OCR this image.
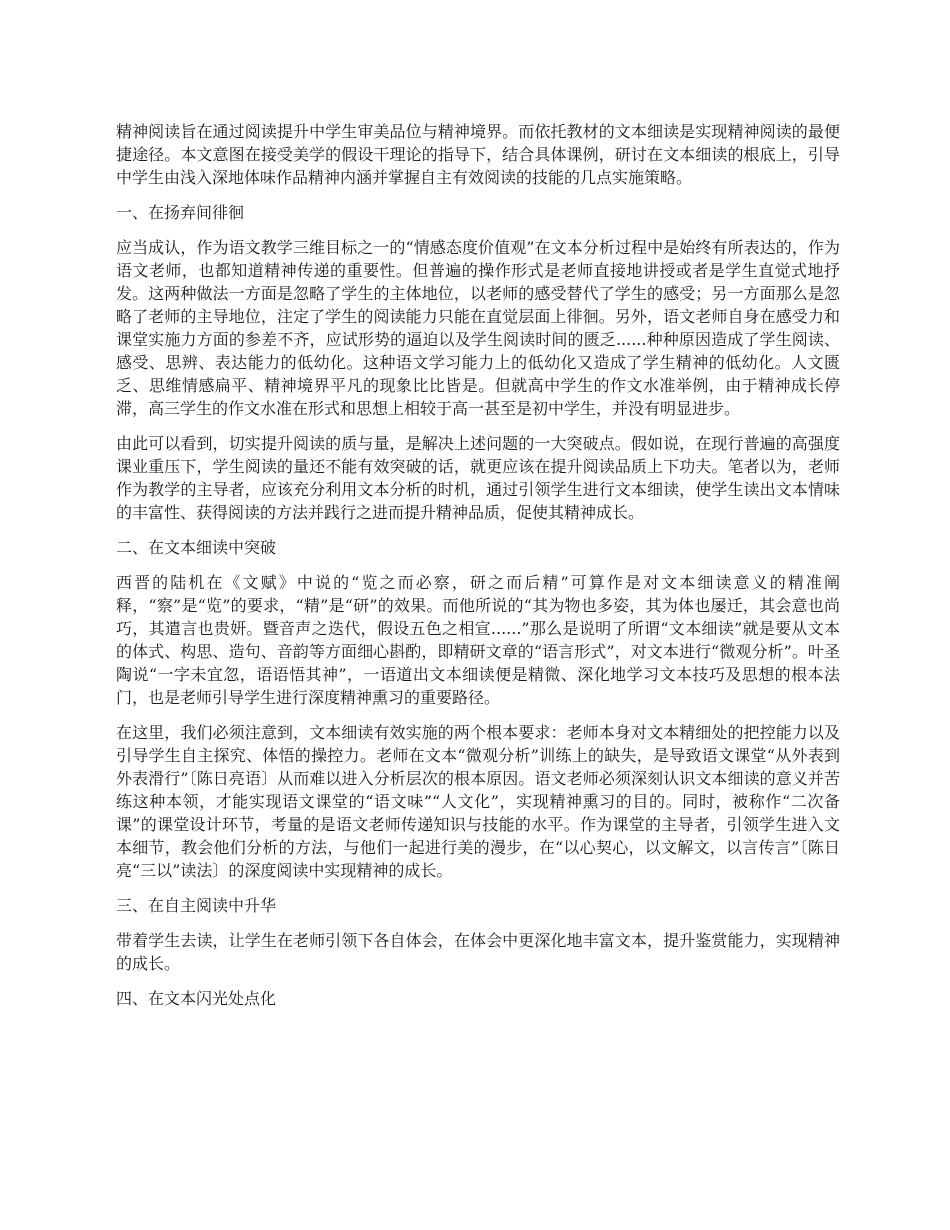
精神阅读旨在通过阅读提升中学生审美品位与精神境界。而依托教材的文本细读是实现精神阅读的最便捷途径。本文意图在接受美学的假设干理论的指导下，结合具体课例，研讨在文本细读的根底上，引导中学生由浅入深地体味作品精神内涵并掌握自主有效阅读的技能的几点实施策略。

一、在扬弃间徘徊

应当成认，作为语文教学三维目标之一的“情感态度价值观”在文本分析过程中是始终有所表达的，作为语文老师，也都知道精神传递的重要性。但普遍的操作形式是老师直接地讲授或者是学生直觉式地抒发。这两种做法一方面是忽略了学生的主体地位，以老师的感受替代了学生的感受；另一方面那么是忽略了老师的主导地位，注定了学生的阅读能力只能在直觉层面上徘徊。另外，语文老师自身在感受力和课堂实施力方面的参差不齐，应试形势的逼迫以及学生阅读时间的匮乏......种种原因造成了学生阅读、感受、思辨、表达能力的低幼化。这种语文学习能力上的低幼化又造成了学生精神的低幼化。人文匮乏、思维情感扁平、精神境界平凡的现象比比皆是。但就高中学生的作文水准举例，由于精神成长停滞，高三学生的作文水准在形式和思想上相较于高一甚至是初中学生，并没有明显进步。

由此可以看到，切实提升阅读的质与量，是解决上述问题的一大突破点。假如说，在现行普遍的高强度课业重压下，学生阅读的量还不能有效突破的话，就更应该在提升阅读品质上下功夫。笔者以为，老师作为教学的主导者，应该充分利用文本分析的时机，通过引领学生进行文本细读，使学生读出文本情味的丰富性、获得阅读的方法并践行之进而提升精神品质，促使其精神成长。

二、在文本细读中突破

西晋的陆机在《文赋》中说的“览之而必察，研之而后精”可算作是对文本细读意义的精准阐释，“察”是“览”的要求，“精”是“研”的效果。而他所说的“其为物也多姿，其为体也屡迁，其会意也尚巧，其遣言也贵妍。暨音声之迭代，假设五色之相宣......”那么是说明了所谓“文本细读”就是要从文本的体式、构思、造句、音韵等方面细心斟酌，即精研文章的“语言形式”，对文本进行“微观分析”。叶圣陶说“一字未宜忽，语语悟其神”，一语道出文本细读便是精微、深化地学习文本技巧及思想的根本法门，也是老师引导学生进行深度精神熏习的重要路径。

在这里，我们必须注意到，文本细读有效实施的两个根本要求：老师本身对文本精细处的把控能力以及引导学生自主探究、体悟的操控力。老师在文本“微观分析”训练上的缺失，是导致语文课堂“从外表到外表滑行”〔陈日亮语〕从而难以进入分析层次的根本原因。语文老师必须深刻认识文本细读的意义并苦练这种本领，才能实现语文课堂的“语文味”“人文化”，实现精神熏习的目的。同时，被称作“二次备课”的课堂设计环节，考量的是语文老师传递知识与技能的水平。作为课堂的主导者，引领学生进入文本细节，教会他们分析的方法，与他们一起进行美的漫步，在“以心契心，以文解文，以言传言”〔陈日亮“三以”读法〕的深度阅读中实现精神的成长。

三、在自主阅读中升华

带着学生去读，让学生在老师引领下各自体会，在体会中更深化地丰富文本，提升鉴赏能力，实现精神的成长。

四、在文本闪光处点化
